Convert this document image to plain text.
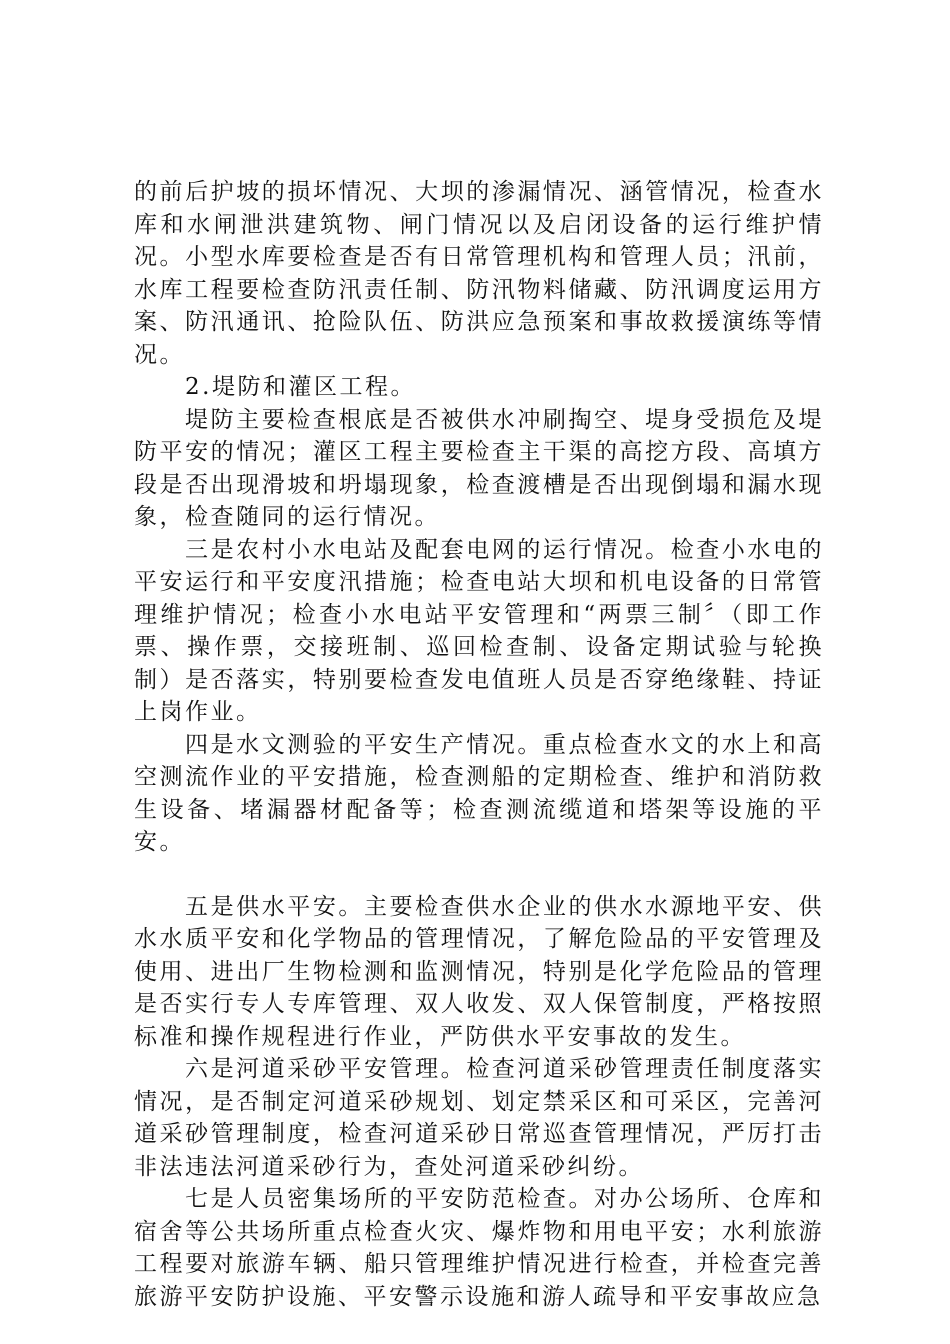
的前后护坡的损坏情况、大坝的渗漏情况、涵管情况，检查水库和水闸泄洪建筑物、闸门情况以及启闭设备的运行维护情况。小型水库要检查是否有日常管理机构和管理人员；汛前，水库工程要检查防汛责任制、防汛物料储藏、防汛调度运用方案、防汛通讯、抢险队伍、防洪应急预案和事故救援演练等情况。

2.堤防和灌区工程。

堤防主要检查根底是否被供水冲刷掏空、堤身受损危及堤防平安的情况；灌区工程主要检查主干渠的高挖方段、高填方段是否出现滑坡和坍塌现象，检查渡槽是否出现倒塌和漏水现象，检查随同的运行情况。

三是农村小水电站及配套电网的运行情况。检查小水电的平安运行和平安度汛措施；检查电站大坝和机电设备的日常管理维护情况；检查小水电站平安管理和“两票三制〞（即工作票、操作票，交接班制、巡回检查制、设备定期试验与轮换制）是否落实，特别要检查发电值班人员是否穿绝缘鞋、持证上岗作业。

四是水文测验的平安生产情况。重点检查水文的水上和高空测流作业的平安措施，检查测船的定期检查、维护和消防救生设备、堵漏器材配备等；检查测流缆道和塔架等设施的平安。

五是供水平安。主要检查供水企业的供水水源地平安、供水水质平安和化学物品的管理情况，了解危险品的平安管理及使用、进出厂生物检测和监测情况，特别是化学危险品的管理是否实行专人专库管理、双人收发、双人保管制度，严格按照标准和操作规程进行作业，严防供水平安事故的发生。

六是河道采砂平安管理。检查河道采砂管理责任制度落实情况，是否制定河道采砂规划、划定禁采区和可采区，完善河道采砂管理制度，检查河道采砂日常巡查管理情况，严厉打击非法违法河道采砂行为，查处河道采砂纠纷。

七是人员密集场所的平安防范检查。对办公场所、仓库和宿舍等公共场所重点检查火灾、爆炸物和用电平安；水利旅游工程要对旅游车辆、船只管理维护情况进行检查，并检查完善旅游平安防护设施、平安警示设施和游人疏导和平安事故应急
